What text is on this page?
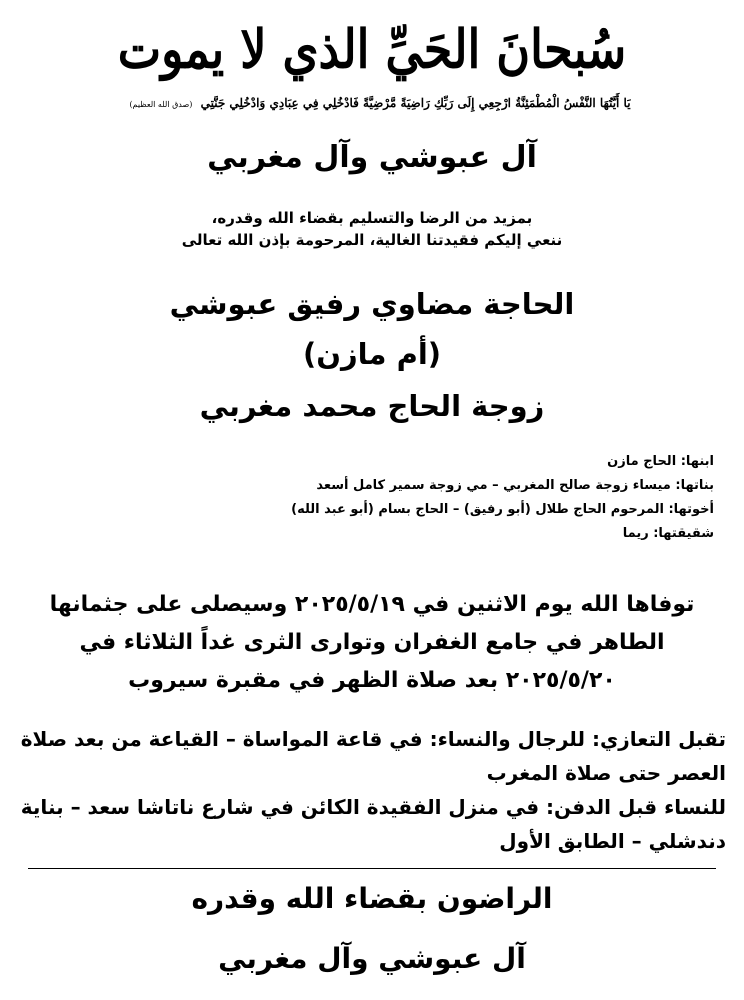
سُبحانَ الحَيِّ الذي لا يموت
يَا أَيَّتُهَا النَّفْسُ الْمُطْمَئِنَّةُ ارْجِعِي إِلَى رَبِّكِ رَاضِيَةً مَّرْضِيَّةً فَادْخُلِي فِي عِبَادِي وَادْخُلِي جَنَّتِي (صدق الله العظيم)
آل عبوشي وآل مغربي
بمزيد من الرضا والتسليم بقضاء الله وقدره،
ننعي إليكم فقيدتنا الغالية، المرحومة بإذن الله تعالى
الحاجة مضاوي رفيق عبوشي
(أم مازن)
زوجة الحاج محمد مغربي
ابنها: الحاج مازن
بناتها: ميساء زوجة صالح المغربي – مي زوجة سمير كامل أسعد
أخوتها: المرحوم الحاج طلال (أبو رفيق) – الحاج بسام (أبو عبد الله)
شقيقتها: ريما
توفاها الله يوم الاثنين في ٢٠٢٥/٥/١٩ وسيصلى على جثمانها
الطاهر في جامع الغفران وتوارى الثرى غداً الثلاثاء في
٢٠٢٥/٥/٢٠ بعد صلاة الظهر في مقبرة سيروب
تقبل التعازي: للرجال والنساء: في قاعة المواساة – القياعة من بعد صلاة العصر حتى صلاة المغرب
للنساء قبل الدفن: في منزل الفقيدة الكائن في شارع ناتاشا سعد – بناية دندشلي – الطابق الأول
الراضون بقضاء الله وقدره
آل عبوشي وآل مغربي
